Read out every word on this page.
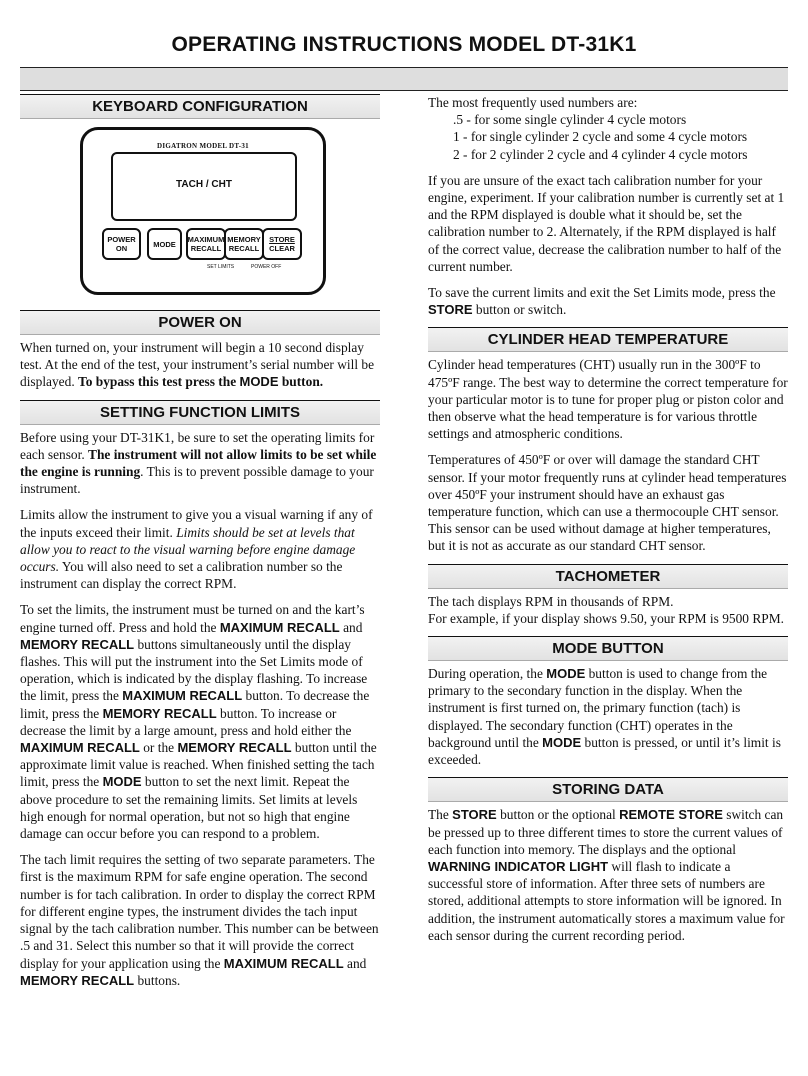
OPERATING INSTRUCTIONS MODEL DT-31K1
KEYBOARD CONFIGURATION
DIGATRON MODEL DT-31
TACH / CHT
POWER
ON	MODE MAXIMUM
RECALL
MEMORY
RECALL
STORE
CLEAR
SET LIMITS	POWER OFF
POWER ON

When turned on, your instrument will begin a 10 second display test. At the end of the test, your instrument’s serial number will be displayed. To bypass this test press the MODE button.

SETTING FUNCTION LIMITS

Before using your DT-31K1, be sure to set the operating limits for each sensor. The instrument will not allow limits to be set while the engine is running. This is to prevent possible damage to your instrument.

Limits allow the instrument to give you a visual warning if any of the inputs exceed their limit. Limits should be set at levels that allow you to react to the visual warning before engine damage occurs. You will also need to set a calibration number so the instrument can display the correct RPM.

To set the limits, the instrument must be turned on and the kart’s engine turned off. Press and hold the MAXIMUM RECALL and MEMORY RECALL buttons simultaneously until the display flashes. This will put the instrument into the Set Limits mode of operation, which is indicated by the display flashing. To increase the limit, press the MAXIMUM RECALL button. To decrease the limit, press the MEMORY RECALL button. To increase or decrease the limit by a large amount, press and hold either the MAXIMUM RECALL or the MEMORY RECALL button until the approximate limit value is reached. When finished setting the tach limit, press the MODE button to set the next limit. Repeat the above procedure to set the remaining limits. Set limits at levels high enough for normal operation, but not so high that engine damage can occur before you can respond to a problem.

The tach limit requires the setting of two separate parameters. The first is the maximum RPM for safe engine operation. The second number is for tach calibration. In order to display the correct RPM for different engine types, the instrument divides the tach input signal by the tach calibration number. This number can be between .5 and 31. Select this number so that it will provide the correct display for your application using the MAXIMUM RECALL and MEMORY RECALL buttons.

The most frequently used numbers are:

.5 - for some single cylinder 4 cycle motors

1 - for single cylinder 2 cycle and some 4 cycle motors

2 - for 2 cylinder 2 cycle and 4 cylinder 4 cycle motors

If you are unsure of the exact tach calibration number for your engine, experiment. If your calibration number is currently set at 1 and the RPM displayed is double what it should be, set the calibration number to 2. Alternately, if the RPM displayed is half of the correct value, decrease the calibration number to half of the current number.

To save the current limits and exit the Set Limits mode, press the STORE button or switch.

CYLINDER HEAD TEMPERATURE

Cylinder head temperatures (CHT) usually run in the 300ºF to 475ºF range. The best way to determine the correct temperature for your particular motor is to tune for proper plug or piston color and then observe what the head temperature is for various throttle settings and atmospheric conditions.

Temperatures of 450ºF or over will damage the standard CHT sensor. If your motor frequently runs at cylinder head temperatures over 450ºF your instrument should have an exhaust gas temperature function, which can use a thermocouple CHT sensor. This sensor can be used without damage at higher temperatures, but it is not as accurate as our standard CHT sensor.

TACHOMETER

The tach displays RPM in thousands of RPM.
For example, if your display shows 9.50, your RPM is 9500 RPM.

MODE BUTTON

During operation, the MODE button is used to change from the primary to the secondary function in the display. When the instrument is first turned on, the primary function (tach) is displayed. The secondary function (CHT) operates in the background until the MODE button is pressed, or until it’s limit is exceeded.

STORING DATA

The STORE button or the optional REMOTE STORE switch can be pressed up to three different times to store the current values of each function into memory. The displays and the optional WARNING INDICATOR LIGHT will flash to indicate a successful store of information. After three sets of numbers are stored, additional attempts to store information will be ignored. In addition, the instrument automatically stores a maximum value for each sensor during the current recording period.
